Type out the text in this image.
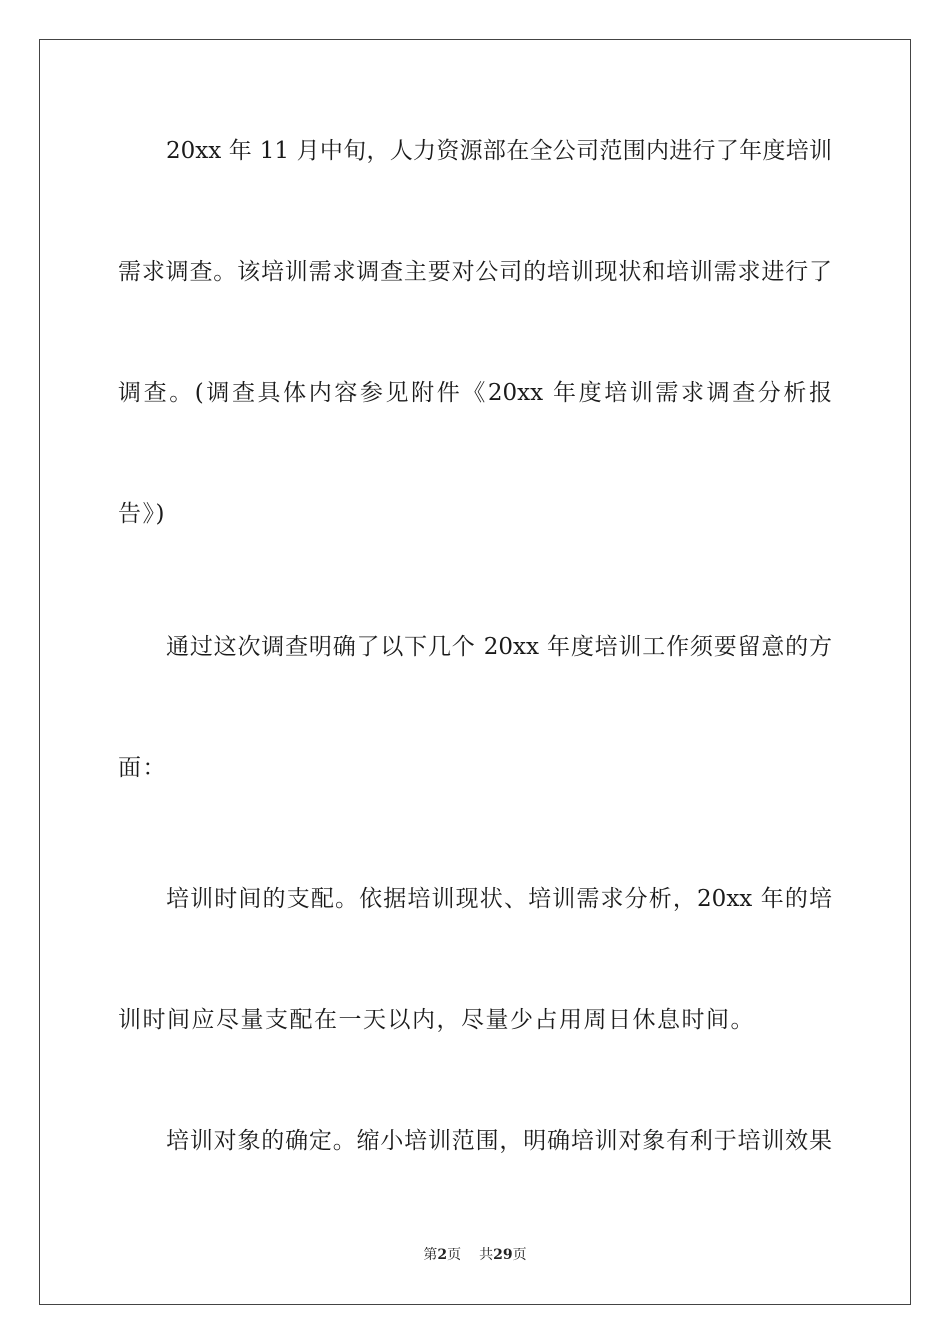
20xx 年 11 月中旬，人力资源部在全公司范围内进行了年度培训
需求调查。该培训需求调查主要对公司的培训现状和培训需求进行了
调查。(调查具体内容参见附件《20xx 年度培训需求调查分析报
告》)
通过这次调查明确了以下几个 20xx 年度培训工作须要留意的方
面：
培训时间的支配。依据培训现状、培训需求分析，20xx 年的培
训时间应尽量支配在一天以内，尽量少占用周日休息时间。
培训对象的确定。缩小培训范围，明确培训对象有利于培训效果
第2页 共29页
